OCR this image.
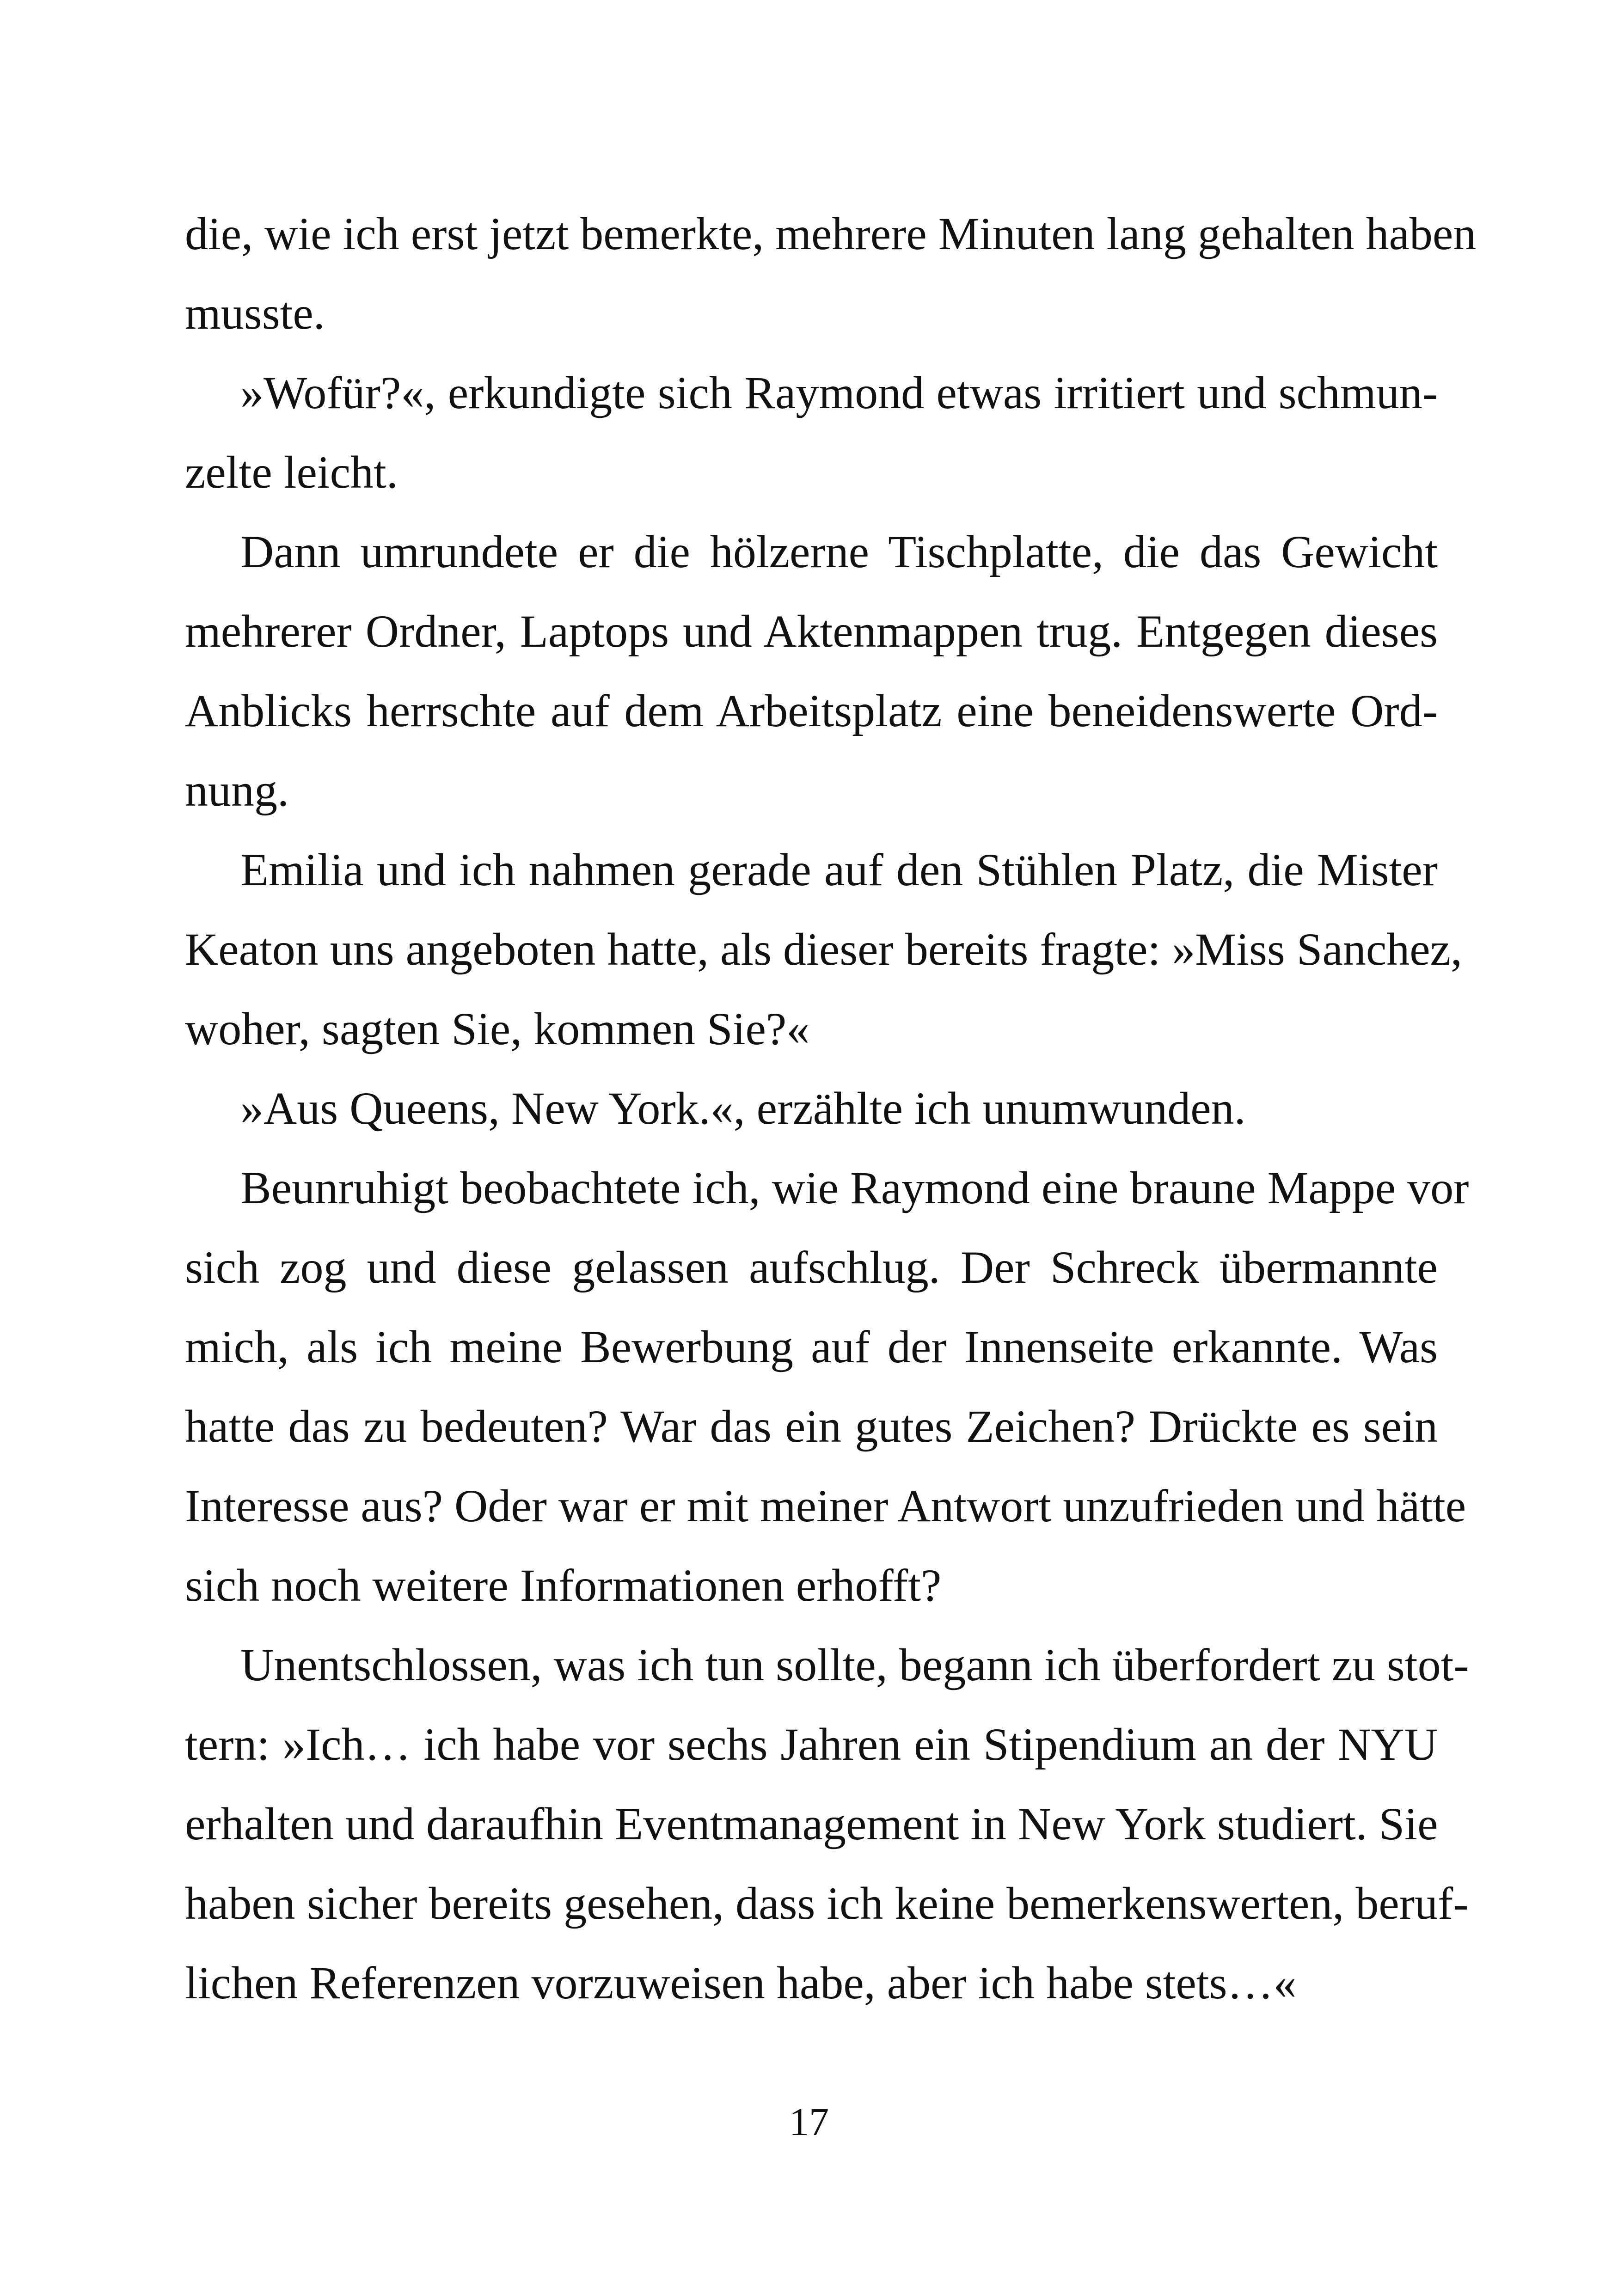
die, wie ich erst jetzt bemerkte, mehrere Minuten lang gehalten haben
musste.
»Wofür?«, erkundigte sich Raymond etwas irritiert und schmun-
zelte leicht.
Dann umrundete er die hölzerne Tischplatte, die das Gewicht
mehrerer Ordner, Laptops und Aktenmappen trug. Entgegen dieses
Anblicks herrschte auf dem Arbeitsplatz eine beneidenswerte Ord-
nung.
Emilia und ich nahmen gerade auf den Stühlen Platz, die Mister
Keaton uns angeboten hatte, als dieser bereits fragte: »Miss Sanchez,
woher, sagten Sie, kommen Sie?«
»Aus Queens, New York.«, erzählte ich unumwunden.
Beunruhigt beobachtete ich, wie Raymond eine braune Mappe vor
sich zog und diese gelassen aufschlug. Der Schreck übermannte
mich, als ich meine Bewerbung auf der Innenseite erkannte. Was
hatte das zu bedeuten? War das ein gutes Zeichen? Drückte es sein
Interesse aus? Oder war er mit meiner Antwort unzufrieden und hätte
sich noch weitere Informationen erhofft?
Unentschlossen, was ich tun sollte, begann ich überfordert zu stot-
tern: »Ich… ich habe vor sechs Jahren ein Stipendium an der NYU
erhalten und daraufhin Eventmanagement in New York studiert. Sie
haben sicher bereits gesehen, dass ich keine bemerkenswerten, beruf-
lichen Referenzen vorzuweisen habe, aber ich habe stets…«
17
